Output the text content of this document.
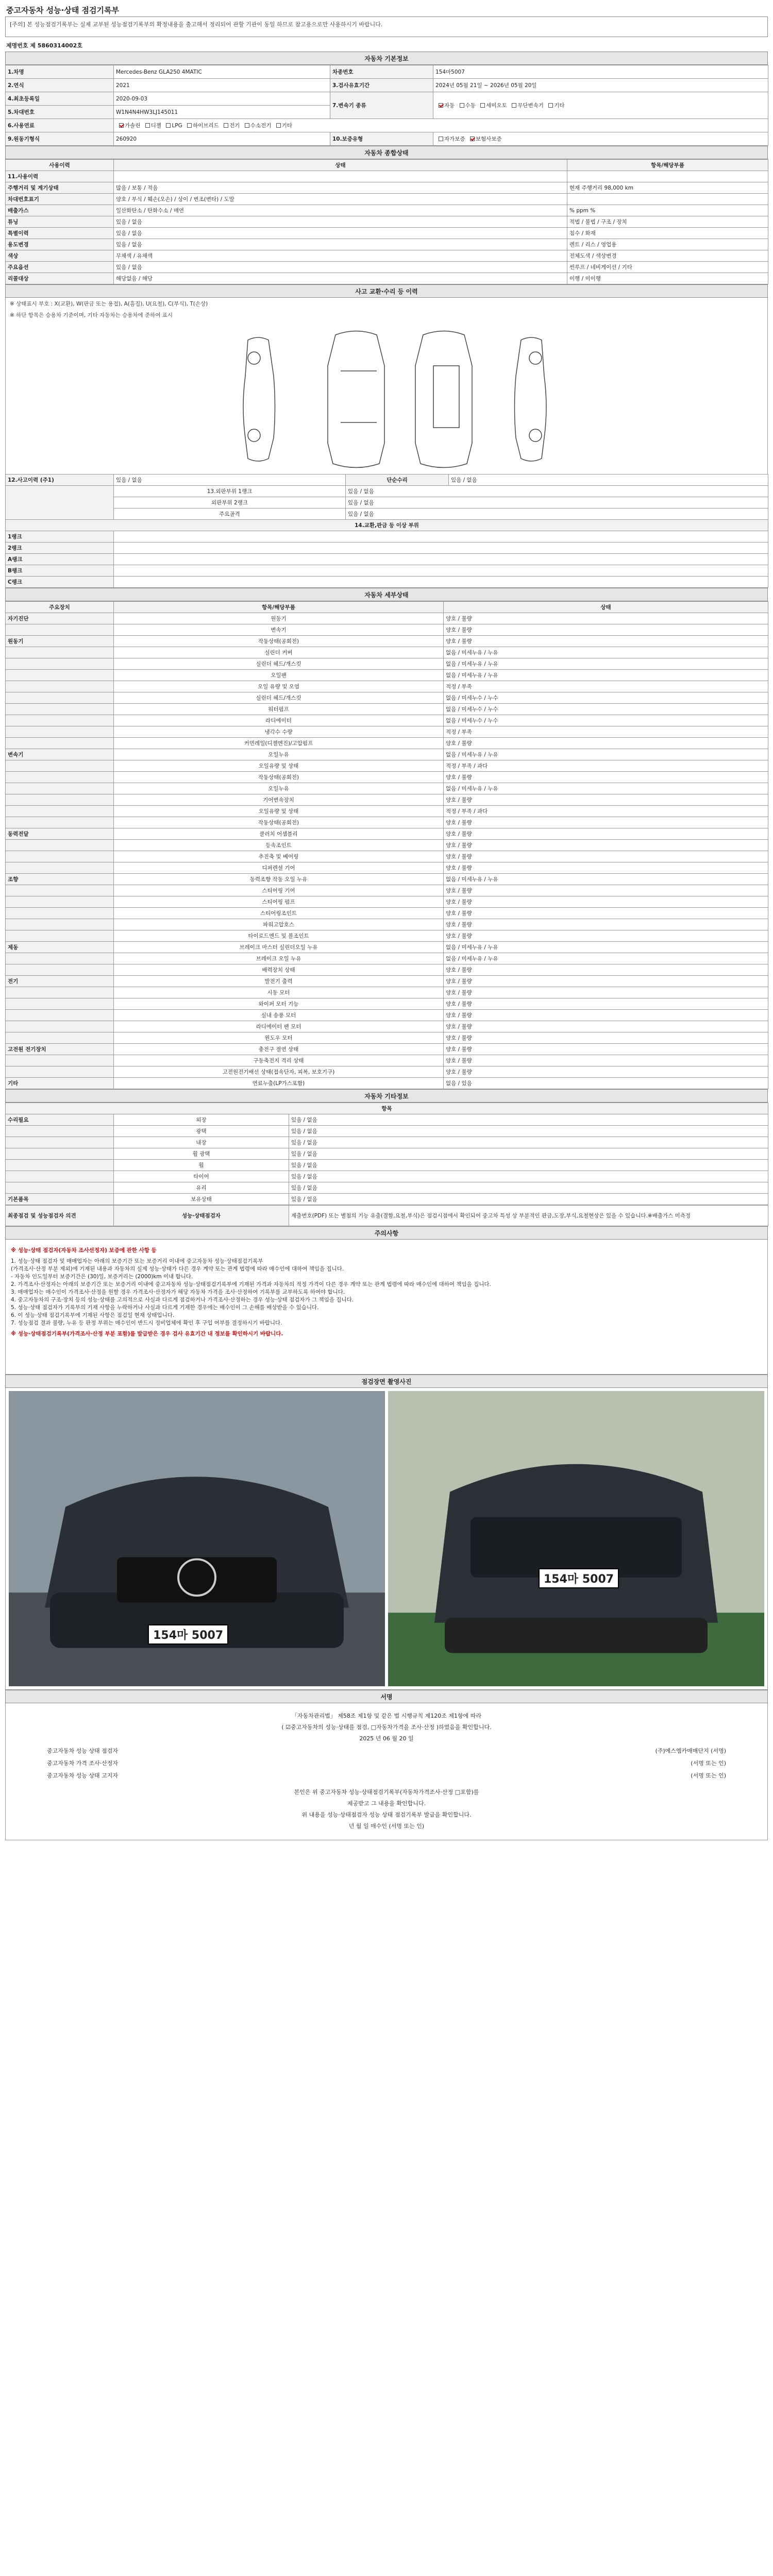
중고자동차 성능·상태 점검기록부
[주의] 본 성능점검기록부는 실제 교부된 성능점검기록부의 확정내용을 출고해서 정리되어 관할 기관이 동일 하므로 참고용으로만 사용하시기 바랍니다.
제명번호 제 5860314002호
자동차 기본정보
1.차명	Mercedes-Benz GLA250 4MATIC	차종번호	154마5007
2.연식	2021	3.검사유효기간	2024년 05월 21일 ~ 2026년 05월 20일
4.최초등록일	2020-09-03	7.변속기 종류	자동 수동 세미오토 무단변속기 기타
5.차대번호	W1N4N4HW3LJ145011		
6.사용연료	가솔린 디젤 LPG 하이브리드 전기 수소전기 기타		
9.원동기형식	260920	10.보증유형	자가보증 보험사보증
자동차 종합상태
사용이력	상태	항목/해당부품
11.사용이력		
주행거리 및 계기상태	많음 / 보통 / 적음	현재 주행거리 98,000 km
차대번호표기	양호 / 부식 / 훼손(오손) / 상이 / 변조(변타) / 도말	
배출가스	일산화탄소 / 탄화수소 / 매연	% ppm %
튜닝	있음 / 없음	적법 / 불법 / 구조 / 장치
특별이력	있음 / 없음	침수 / 화재
용도변경	있음 / 없음	렌트 / 리스 / 영업용
색상	무채색 / 유채색	전체도색 / 색상변경
주요옵션	있음 / 없음	썬루프 / 네비게이션 / 기타
리콜대상	해당없음 / 해당	이행 / 미이행
사고 교환·수리 등 이력
※ 상태표시 부호 : X(교환), W(판금 또는 용접), A(흠집), U(요철), C(부식), T(손상)
※ 하단 항목은 승용차 기준이며, 기타 자동차는 승용차에 준하여 표시
12.사고이력 (주1)	있음 / 없음	단순수리	있음 / 없음
	13.외판부위 1랭크	있음 / 없음	
	외판부위 2랭크	있음 / 없음	
	주요골격	있음 / 없음	
14.교환,판금 등 이상 부위			
1랭크			
2랭크			
A랭크			
B랭크			
C랭크			
자동차 세부상태
주요장치	항목/해당부품	상태
자기진단	원동기	양호 / 불량
	변속기	양호 / 불량
원동기	작동상태(공회전)	양호 / 불량
	실린더 커버	없음 / 미세누유 / 누유
	실린더 헤드/개스킷	없음 / 미세누유 / 누유
	오일팬	없음 / 미세누유 / 누유
	오일 유량 및 오염	적정 / 부족
	실린더 헤드/개스킷	없음 / 미세누수 / 누수
	워터펌프	없음 / 미세누수 / 누수
	라디에이터	없음 / 미세누수 / 누수
	냉각수 수량	적정 / 부족
	커먼레일(디젤엔진)/고압펌프	양호 / 불량
변속기	오일누유	없음 / 미세누유 / 누유
	오일유량 및 상태	적정 / 부족 / 과다
	작동상태(공회전)	양호 / 불량
	오일누유	없음 / 미세누유 / 누유
	기어변속장치	양호 / 불량
	오일유량 및 상태	적정 / 부족 / 과다
	작동상태(공회전)	양호 / 불량
동력전달	클러치 어셈블리	양호 / 불량
	등속조인트	양호 / 불량
	추진축 및 베어링	양호 / 불량
	디퍼렌셜 기어	양호 / 불량
조향	동력조향 작동 오일 누유	없음 / 미세누유 / 누유
	스티어링 기어	양호 / 불량
	스티어링 펌프	양호 / 불량
	스티어링조인트	양호 / 불량
	파워고압호스	양호 / 불량
	타이로드엔드 및 볼조인트	양호 / 불량
제동	브레이크 마스터 실린더오일 누유	없음 / 미세누유 / 누유
	브레이크 오일 누유	없음 / 미세누유 / 누유
	배력장치 상태	양호 / 불량
전기	발전기 출력	양호 / 불량
	시동 모터	양호 / 불량
	와이퍼 모터 기능	양호 / 불량
	실내 송풍 모터	양호 / 불량
	라디에이터 팬 모터	양호 / 불량
	윈도우 모터	양호 / 불량
고전원 전기장치	충전구 절연 상태	양호 / 불량
	구동축전지 격리 상태	양호 / 불량
	고전원전기배선 상태(접속단자, 피복, 보호기구)	양호 / 불량
기타	연료누출(LP가스포함)	없음 / 있음
자동차 기타정보
항목		
수리필요	외장	있음 / 없음
	광택	있음 / 없음
	내장	있음 / 없음
	휠 광택	있음 / 없음
	휠	있음 / 없음
	타이어	있음 / 없음
	유리	있음 / 없음
기본품목	보유상태	있음 / 없음
최종점검 및 성능점검자 의견	성능·상태점검자	제출번호(PDF) 또는 별첨의 기능 유출(결함,요철,부식)은 점검시점에서 확인되어 중고차 특성 상 부분적인 판금,도장,부식,요철현상은 있을 수 있습니다.※배출가스 미측정
주의사항
※ 성능·상태 점검자(자동차 조사선정자) 보증에 관한 사항 등
1. 성능·상태 점검자 및 매매업자는 아래의 보증기간 또는 보증거리 이내에 중고자동차 성능·상태점검기록부
(가격조사·산정 부분 제외)에 기재된 내용과 자동차의 실제 성능·상태가 다른 경우 계약 또는 관계 법령에 따라 매수인에 대하여 책임을 집니다.
- 자동차 인도일부터 보증기간은 (30)일, 보증거리는 (2000)km 이내 합니다.
2. 가격조사·산정자는 아래의 보증기간 또는 보증거리 이내에 중고자동차 성능·상태점검기록부에 기재된 가격과 자동차의 적정 가격이 다른 경우 계약 또는 관계 법령에 따라 매수인에 대하여 책임을 집니다.
3. 매매업자는 매수인이 가격조사·산정을 원할 경우 가격조사·산정자가 해당 자동차 가격을 조사·산정하여 기록부를 교부하도록 하여야 합니다.
4. 중고자동차의 구조·장치 등의 성능·상태를 고의적으로 사실과 다르게 점검하거나 가격조사·산정하는 경우 성능·상태 점검자가 그 책임을 집니다.
5. 성능·상태 점검자가 기록부의 기재 사항을 누락하거나 사실과 다르게 기재한 경우에는 매수인이 그 손해를 배상받을 수 있습니다.
6. 이 성능·상태 점검기록부에 기재된 사항은 점검일 현재 상태입니다.
7. 성능점검 결과 불량, 누유 등 판정 부위는 매수인이 반드시 정비업체에 확인 후 구입 여부를 결정하시기 바랍니다.
※ 성능·상태점검기록부(가격조사·산정 부분 포함)를 발급받은 경우 검사 유효기간 내 정보를 확인하시기 바랍니다.
점검장면 촬영사진
154마 5007
154마 5007
서명
「자동차관리법」 제58조 제1항 및 같은 법 시행규칙 제120조 제1항에 따라
( ☑중고자동차의 성능·상태를 점검, □자동차가격을 조사·산정 )하였음을 확인합니다.
2025 년 06 월 20 일
중고자동차 성능 상태 점검자	(주)에스엠카매매단지 (서명)
중고자동차 가격 조사·산정자	(서명 또는 인)
중고자동차 성능 상태 고지자	(서명 또는 인)
본인은 위 중고자동차 성능·상태점검기록부(자동차가격조사·산정 □포함)를
제공받고 그 내용을 확인합니다.
위 내용을 성능·상태점검자 성능 상태 점검기록부 발급을 확인합니다.
년 월 일 매수인 (서명 또는 인)
